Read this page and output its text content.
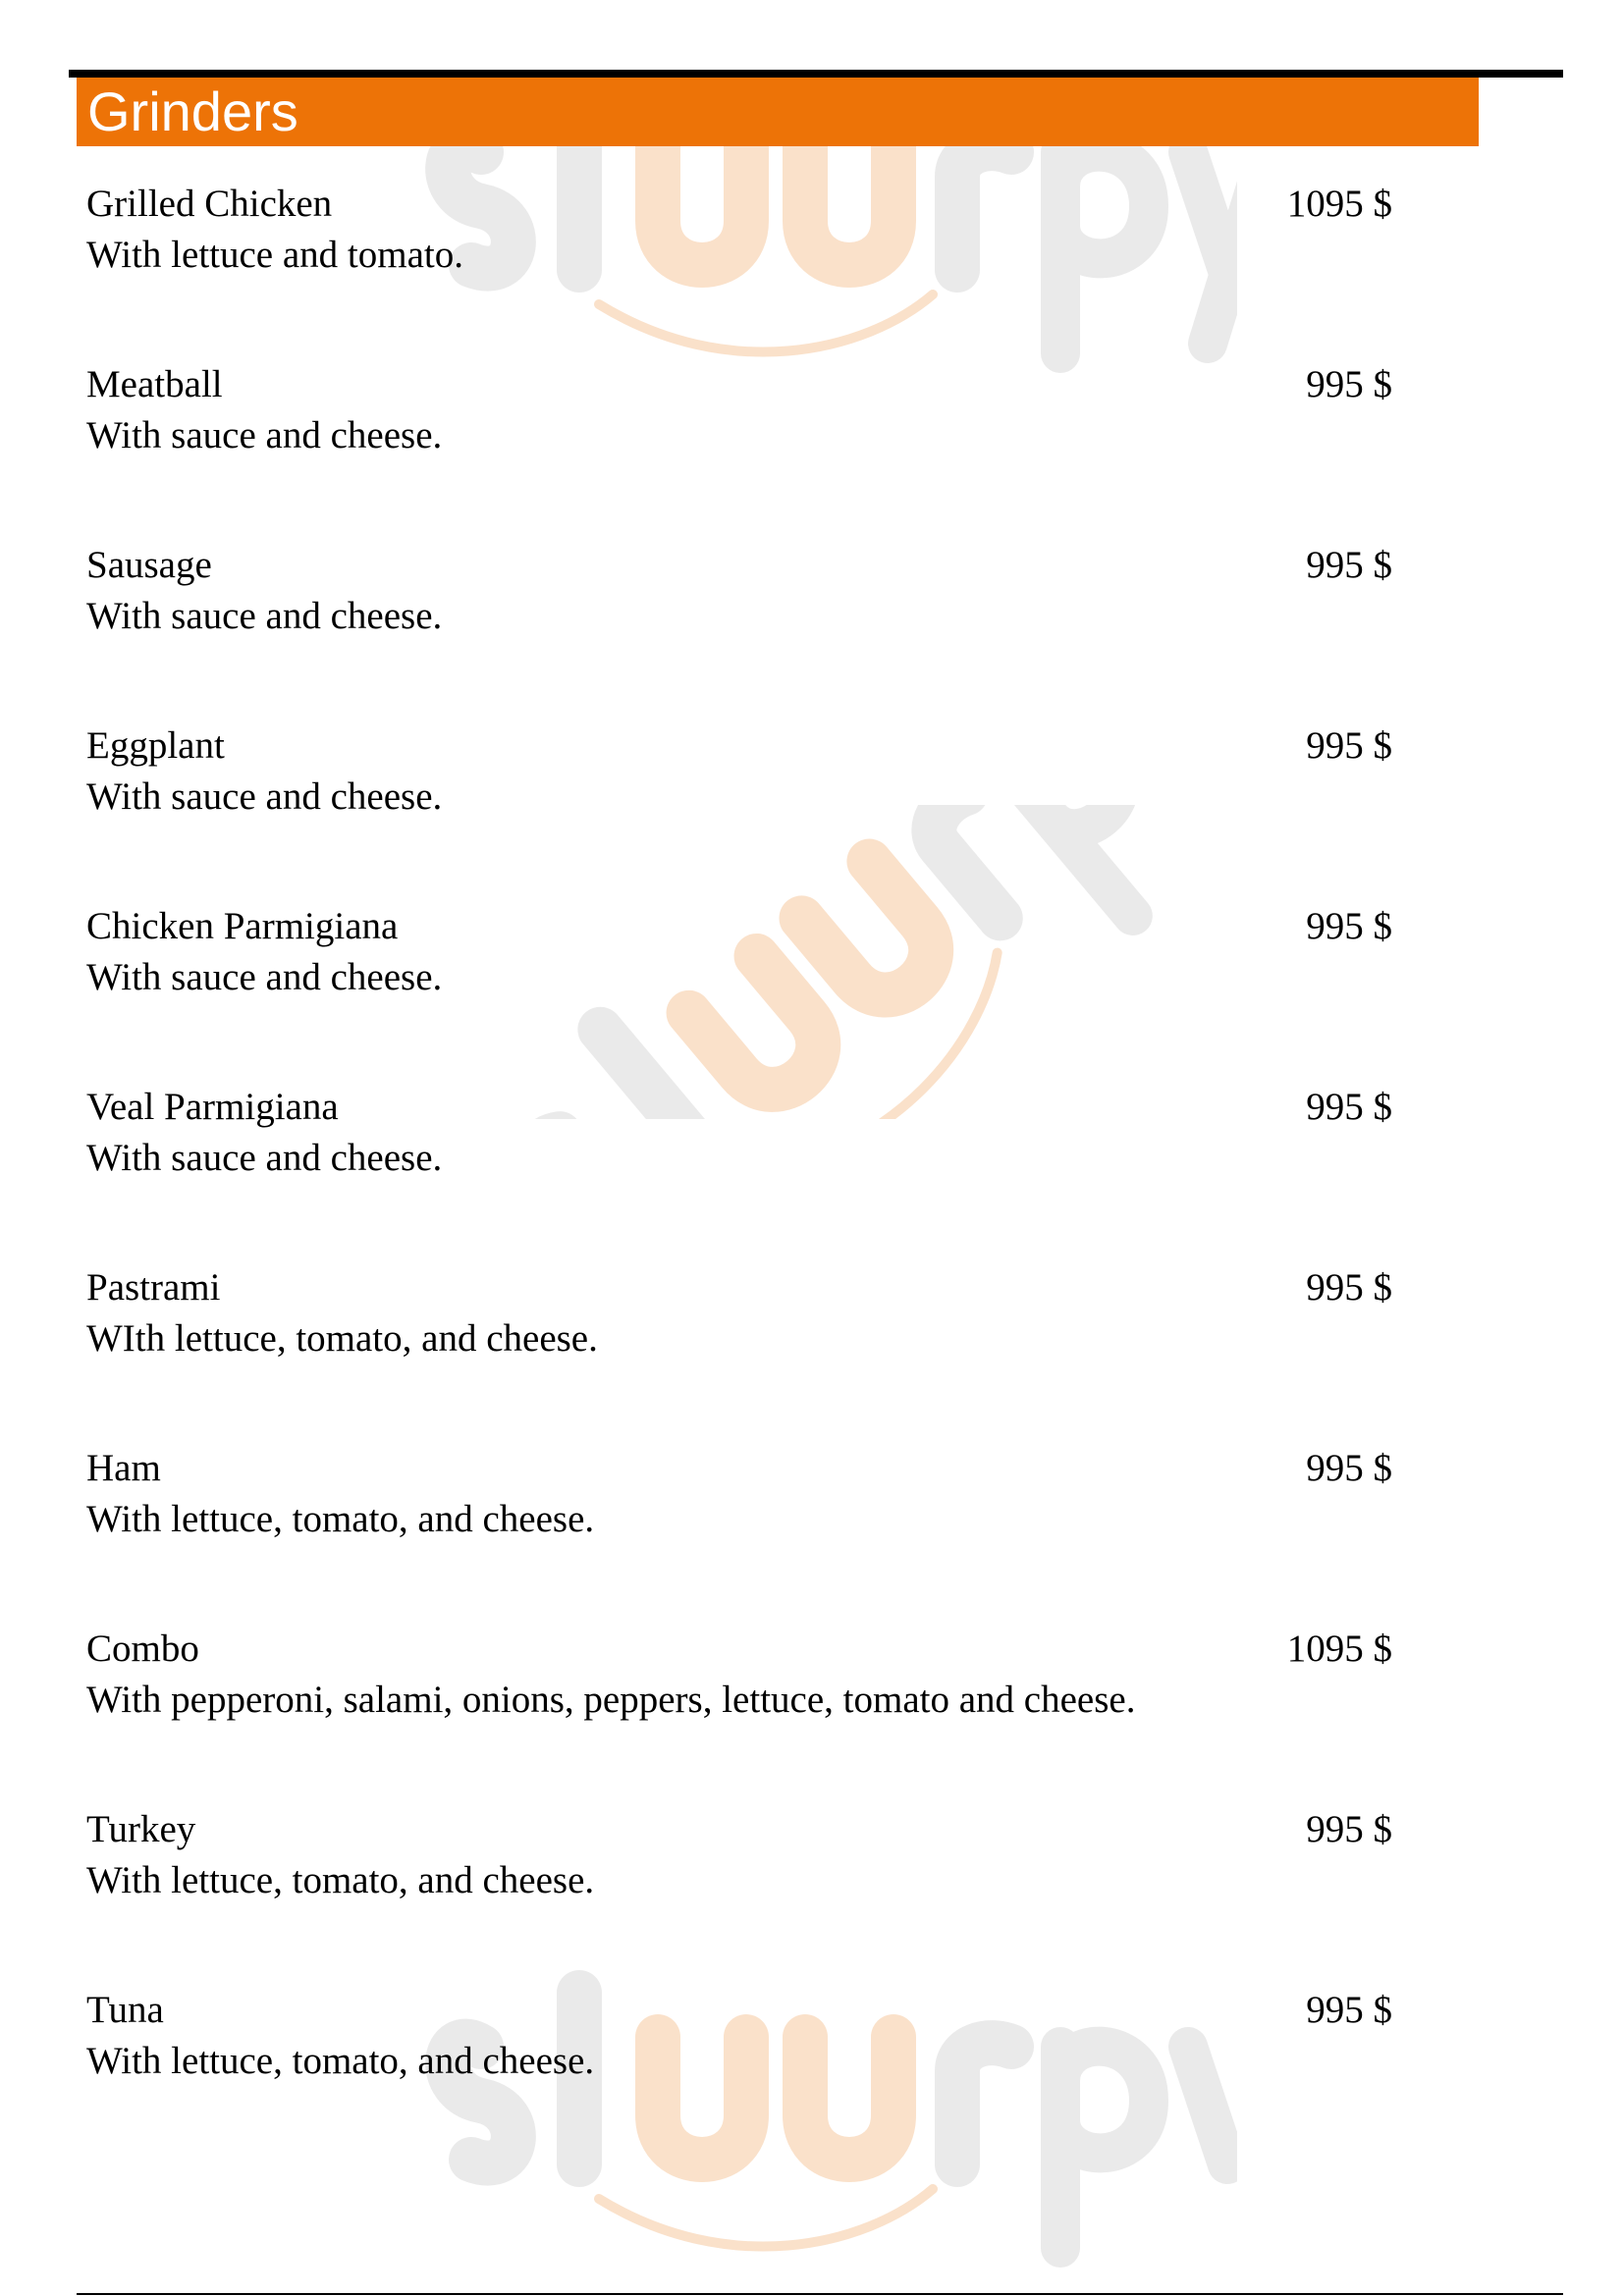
Grinders
Grilled Chicken
With lettuce and tomato.
1095 $
Meatball
With sauce and cheese.
995 $
Sausage
With sauce and cheese.
995 $
Eggplant
With sauce and cheese.
995 $
Chicken Parmigiana
With sauce and cheese.
995 $
Veal Parmigiana
With sauce and cheese.
995 $
Pastrami
WIth lettuce, tomato, and cheese.
995 $
Ham
With lettuce, tomato, and cheese.
995 $
Combo
With pepperoni, salami, onions, peppers, lettuce, tomato and cheese.
1095 $
Turkey
With lettuce, tomato, and cheese.
995 $
Tuna
With lettuce, tomato, and cheese.
995 $
